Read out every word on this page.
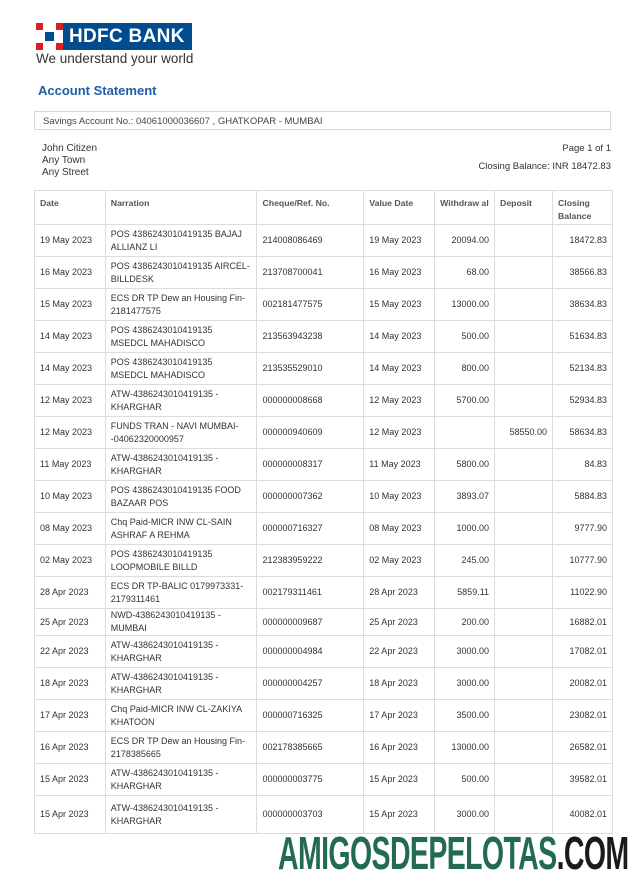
HDFC BANK
We understand your world
Account Statement
Savings Account No.: 04061000036607 , GHATKOPAR - MUMBAI
John Citizen
Any Town
Any Street
Page 1 of 1
Closing Balance: INR 18472.83
Date	Narration	Cheque/Ref. No.	Value Date	Withdraw al	Deposit	Closing Balance
19 May 2023	POS 4386243010419135 BAJAJ ALLIANZ LI	214008086469	19 May 2023	20094.00		18472.83
16 May 2023	POS 4386243010419135 AIRCEL-BILLDESK	213708700041	16 May 2023	68.00		38566.83
15 May 2023	ECS DR TP Dew an Housing Fin-2181477575	002181477575	15 May 2023	13000.00		38634.83
14 May 2023	POS 4386243010419135 MSEDCL MAHADISCO	213563943238	14 May 2023	500.00		51634.83
14 May 2023	POS 4386243010419135 MSEDCL MAHADISCO	213535529010	14 May 2023	800.00		52134.83
12 May 2023	ATW-4386243010419135 - KHARGHAR	000000008668	12 May 2023	5700.00		52934.83
12 May 2023	FUNDS TRAN - NAVI MUMBAI--04062320000957	000000940609	12 May 2023		58550.00	58634.83
11 May 2023	ATW-4386243010419135 - KHARGHAR	000000008317	11 May 2023	5800.00		84.83
10 May 2023	POS 4386243010419135 FOOD BAZAAR POS	000000007362	10 May 2023	3893.07		5884.83
08 May 2023	Chq Paid-MICR INW CL-SAIN ASHRAF A REHMA	000000716327	08 May 2023	1000.00		9777.90
02 May 2023	POS 4386243010419135 LOOPMOBILE BILLD	212383959222	02 May 2023	245.00		10777.90
28 Apr 2023	ECS DR TP-BALIC 0179973331-2179311461	002179311461	28 Apr 2023	5859.11		11022.90
25 Apr 2023	NWD-4386243010419135 -MUMBAI	000000009687	25 Apr 2023	200.00		16882.01
22 Apr 2023	ATW-4386243010419135 - KHARGHAR	000000004984	22 Apr 2023	3000.00		17082.01
18 Apr 2023	ATW-4386243010419135 - KHARGHAR	000000004257	18 Apr 2023	3000.00		20082.01
17 Apr 2023	Chq Paid-MICR INW CL-ZAKIYA KHATOON	000000716325	17 Apr 2023	3500.00		23082.01
16 Apr 2023	ECS DR TP Dew an Housing Fin-2178385665	002178385665	16 Apr 2023	13000.00		26582.01
15 Apr 2023	ATW-4386243010419135 - KHARGHAR	000000003775	15 Apr 2023	500.00		39582.01
15 Apr 2023	ATW-4386243010419135 - KHARGHAR	000000003703	15 Apr 2023	3000.00		40082.01
AMIGOSDEPELOTAS.COM
